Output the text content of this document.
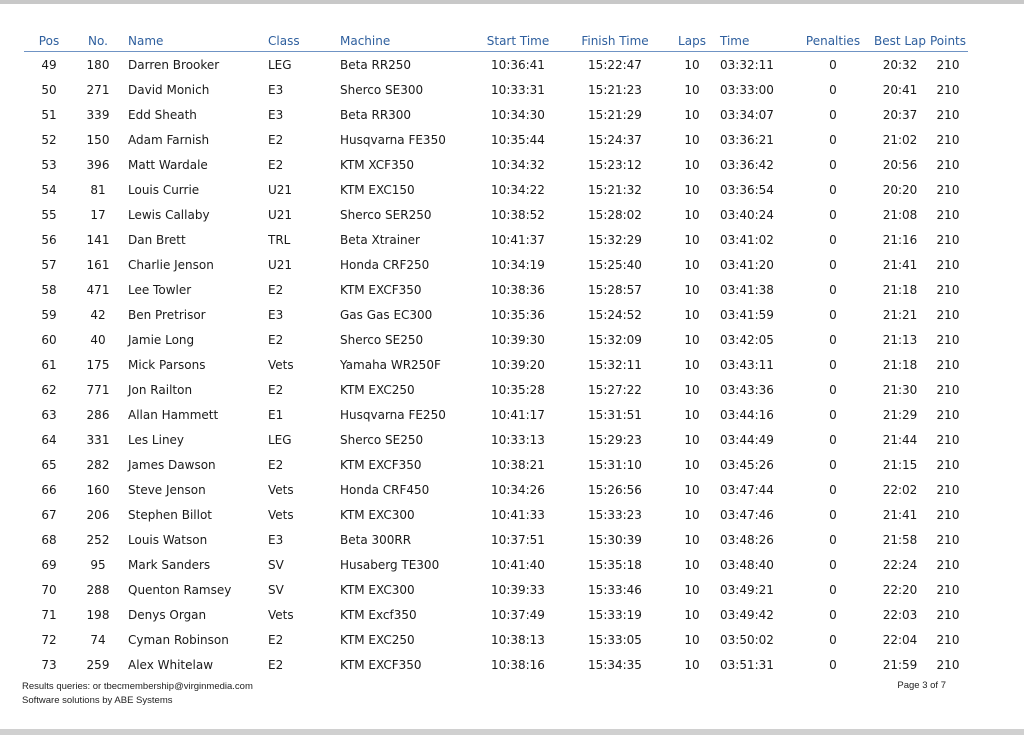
Pos	No.	Name	Class	Machine	Start Time	Finish Time	Laps	Time	Penalties	Best Lap	Points
49	180	Darren Brooker	LEG	Beta RR250	10:36:41	15:22:47	10	03:32:11	0	20:32	210
50	271	David Monich	E3	Sherco SE300	10:33:31	15:21:23	10	03:33:00	0	20:41	210
51	339	Edd Sheath	E3	Beta RR300	10:34:30	15:21:29	10	03:34:07	0	20:37	210
52	150	Adam Farnish	E2	Husqvarna FE350	10:35:44	15:24:37	10	03:36:21	0	21:02	210
53	396	Matt Wardale	E2	KTM XCF350	10:34:32	15:23:12	10	03:36:42	0	20:56	210
54	81	Louis Currie	U21	KTM EXC150	10:34:22	15:21:32	10	03:36:54	0	20:20	210
55	17	Lewis Callaby	U21	Sherco SER250	10:38:52	15:28:02	10	03:40:24	0	21:08	210
56	141	Dan Brett	TRL	Beta Xtrainer	10:41:37	15:32:29	10	03:41:02	0	21:16	210
57	161	Charlie Jenson	U21	Honda CRF250	10:34:19	15:25:40	10	03:41:20	0	21:41	210
58	471	Lee Towler	E2	KTM EXCF350	10:38:36	15:28:57	10	03:41:38	0	21:18	210
59	42	Ben Pretrisor	E3	Gas Gas EC300	10:35:36	15:24:52	10	03:41:59	0	21:21	210
60	40	Jamie Long	E2	Sherco SE250	10:39:30	15:32:09	10	03:42:05	0	21:13	210
61	175	Mick Parsons	Vets	Yamaha WR250F	10:39:20	15:32:11	10	03:43:11	0	21:18	210
62	771	Jon Railton	E2	KTM EXC250	10:35:28	15:27:22	10	03:43:36	0	21:30	210
63	286	Allan Hammett	E1	Husqvarna FE250	10:41:17	15:31:51	10	03:44:16	0	21:29	210
64	331	Les Liney	LEG	Sherco SE250	10:33:13	15:29:23	10	03:44:49	0	21:44	210
65	282	James Dawson	E2	KTM EXCF350	10:38:21	15:31:10	10	03:45:26	0	21:15	210
66	160	Steve Jenson	Vets	Honda CRF450	10:34:26	15:26:56	10	03:47:44	0	22:02	210
67	206	Stephen Billot	Vets	KTM EXC300	10:41:33	15:33:23	10	03:47:46	0	21:41	210
68	252	Louis Watson	E3	Beta 300RR	10:37:51	15:30:39	10	03:48:26	0	21:58	210
69	95	Mark Sanders	SV	Husaberg TE300	10:41:40	15:35:18	10	03:48:40	0	22:24	210
70	288	Quenton Ramsey	SV	KTM EXC300	10:39:33	15:33:46	10	03:49:21	0	22:20	210
71	198	Denys Organ	Vets	KTM Excf350	10:37:49	15:33:19	10	03:49:42	0	22:03	210
72	74	Cyman Robinson	E2	KTM EXC250	10:38:13	15:33:05	10	03:50:02	0	22:04	210
73	259	Alex Whitelaw	E2	KTM EXCF350	10:38:16	15:34:35	10	03:51:31	0	21:59	210
Results queries: or tbecmembership@virginmedia.com
Software solutions by ABE Systems
Page 3 of 7
